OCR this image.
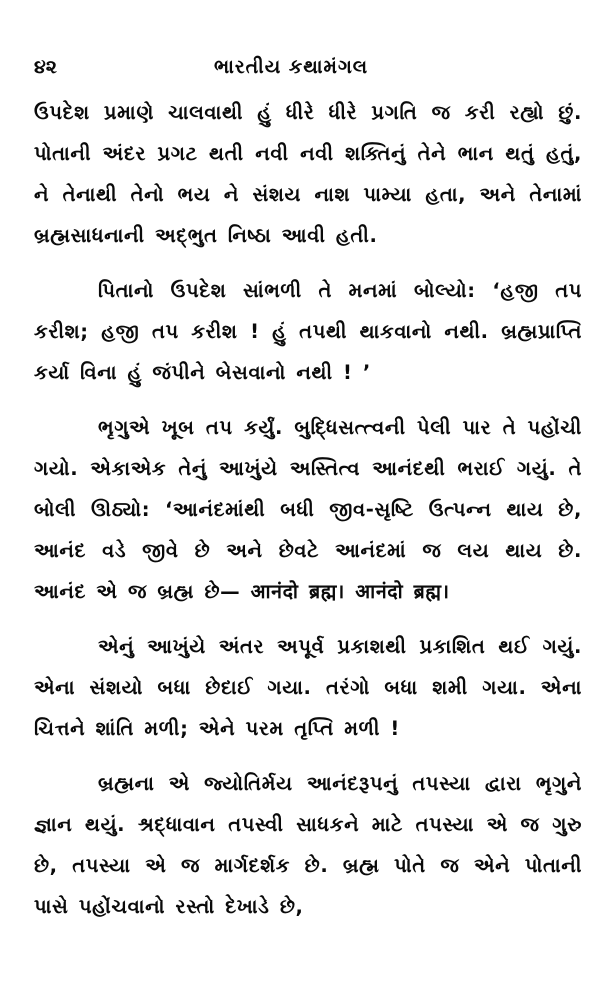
૪૨	ભારતીય કથામંગલ

ઉપદેશ પ્રમાણે ચાલવાથી હું ધીરે ધીરે પ્રગતિ જ કરી રહ્યો છું. પોતાની અંદર પ્રગટ થતી નવી નવી શક્તિનું તેને ભાન થતું હતું, ને તેનાથી તેનો ભય ને સંશય નાશ પામ્યા હતા, અને તેનામાં બ્રહ્મસાધનાની અદ્ભુત નિષ્ઠા આવી હતી.

પિતાનો ઉપદેશ સાંભળી તે મનમાં બોલ્યો: ‘હજી તપ કરીશ; હજી તપ કરીશ ! હું તપથી થાકવાનો નથી. બ્રહ્મપ્રાપ્તિ કર્યા વિના હું જંપીને બેસવાનો નથી ! ’

ભૃગુએ ખૂબ તપ કર્યું. બુદ્ધિસત્ત્વની પેલી પાર તે પહોંચી ગયો. એકાએક તેનું આખુંયે અસ્તિત્વ આનંદથી ભરાઈ ગયું. તે બોલી ઊઠ્યો: ‘આનંદમાંથી બધી જીવ-સૃષ્ટિ ઉત્પન્ન થાય છે, આનંદ વડે જીવે છે અને છેવટે આનંદમાં જ લય થાય છે. આનંદ એ જ બ્રહ્મ છે— आनंदो ब्रह्म। आनंदो ब्रह्म।

એનું આખુંયે અંતર અપૂર્વ પ્રકાશથી પ્રકાશિત થઈ ગયું. એના સંશયો બધા છેદાઈ ગયા. તરંગો બધા શમી ગયા. એના ચિત્તને શાંતિ મળી; એને પરમ તૃપ્તિ મળી !

બ્રહ્મના એ જ્યોતિર્મય આનંદરૂપનું તપસ્યા દ્વારા ભૃગુને જ્ઞાન થયું. શ્રદ્ધાવાન તપસ્વી સાધકને માટે તપસ્યા એ જ ગુરુ છે, તપસ્યા એ જ માર્ગદર્શક છે. બ્રહ્મ પોતે જ એને પોતાની પાસે પહોંચવાનો રસ્તો દેખાડે છે,
